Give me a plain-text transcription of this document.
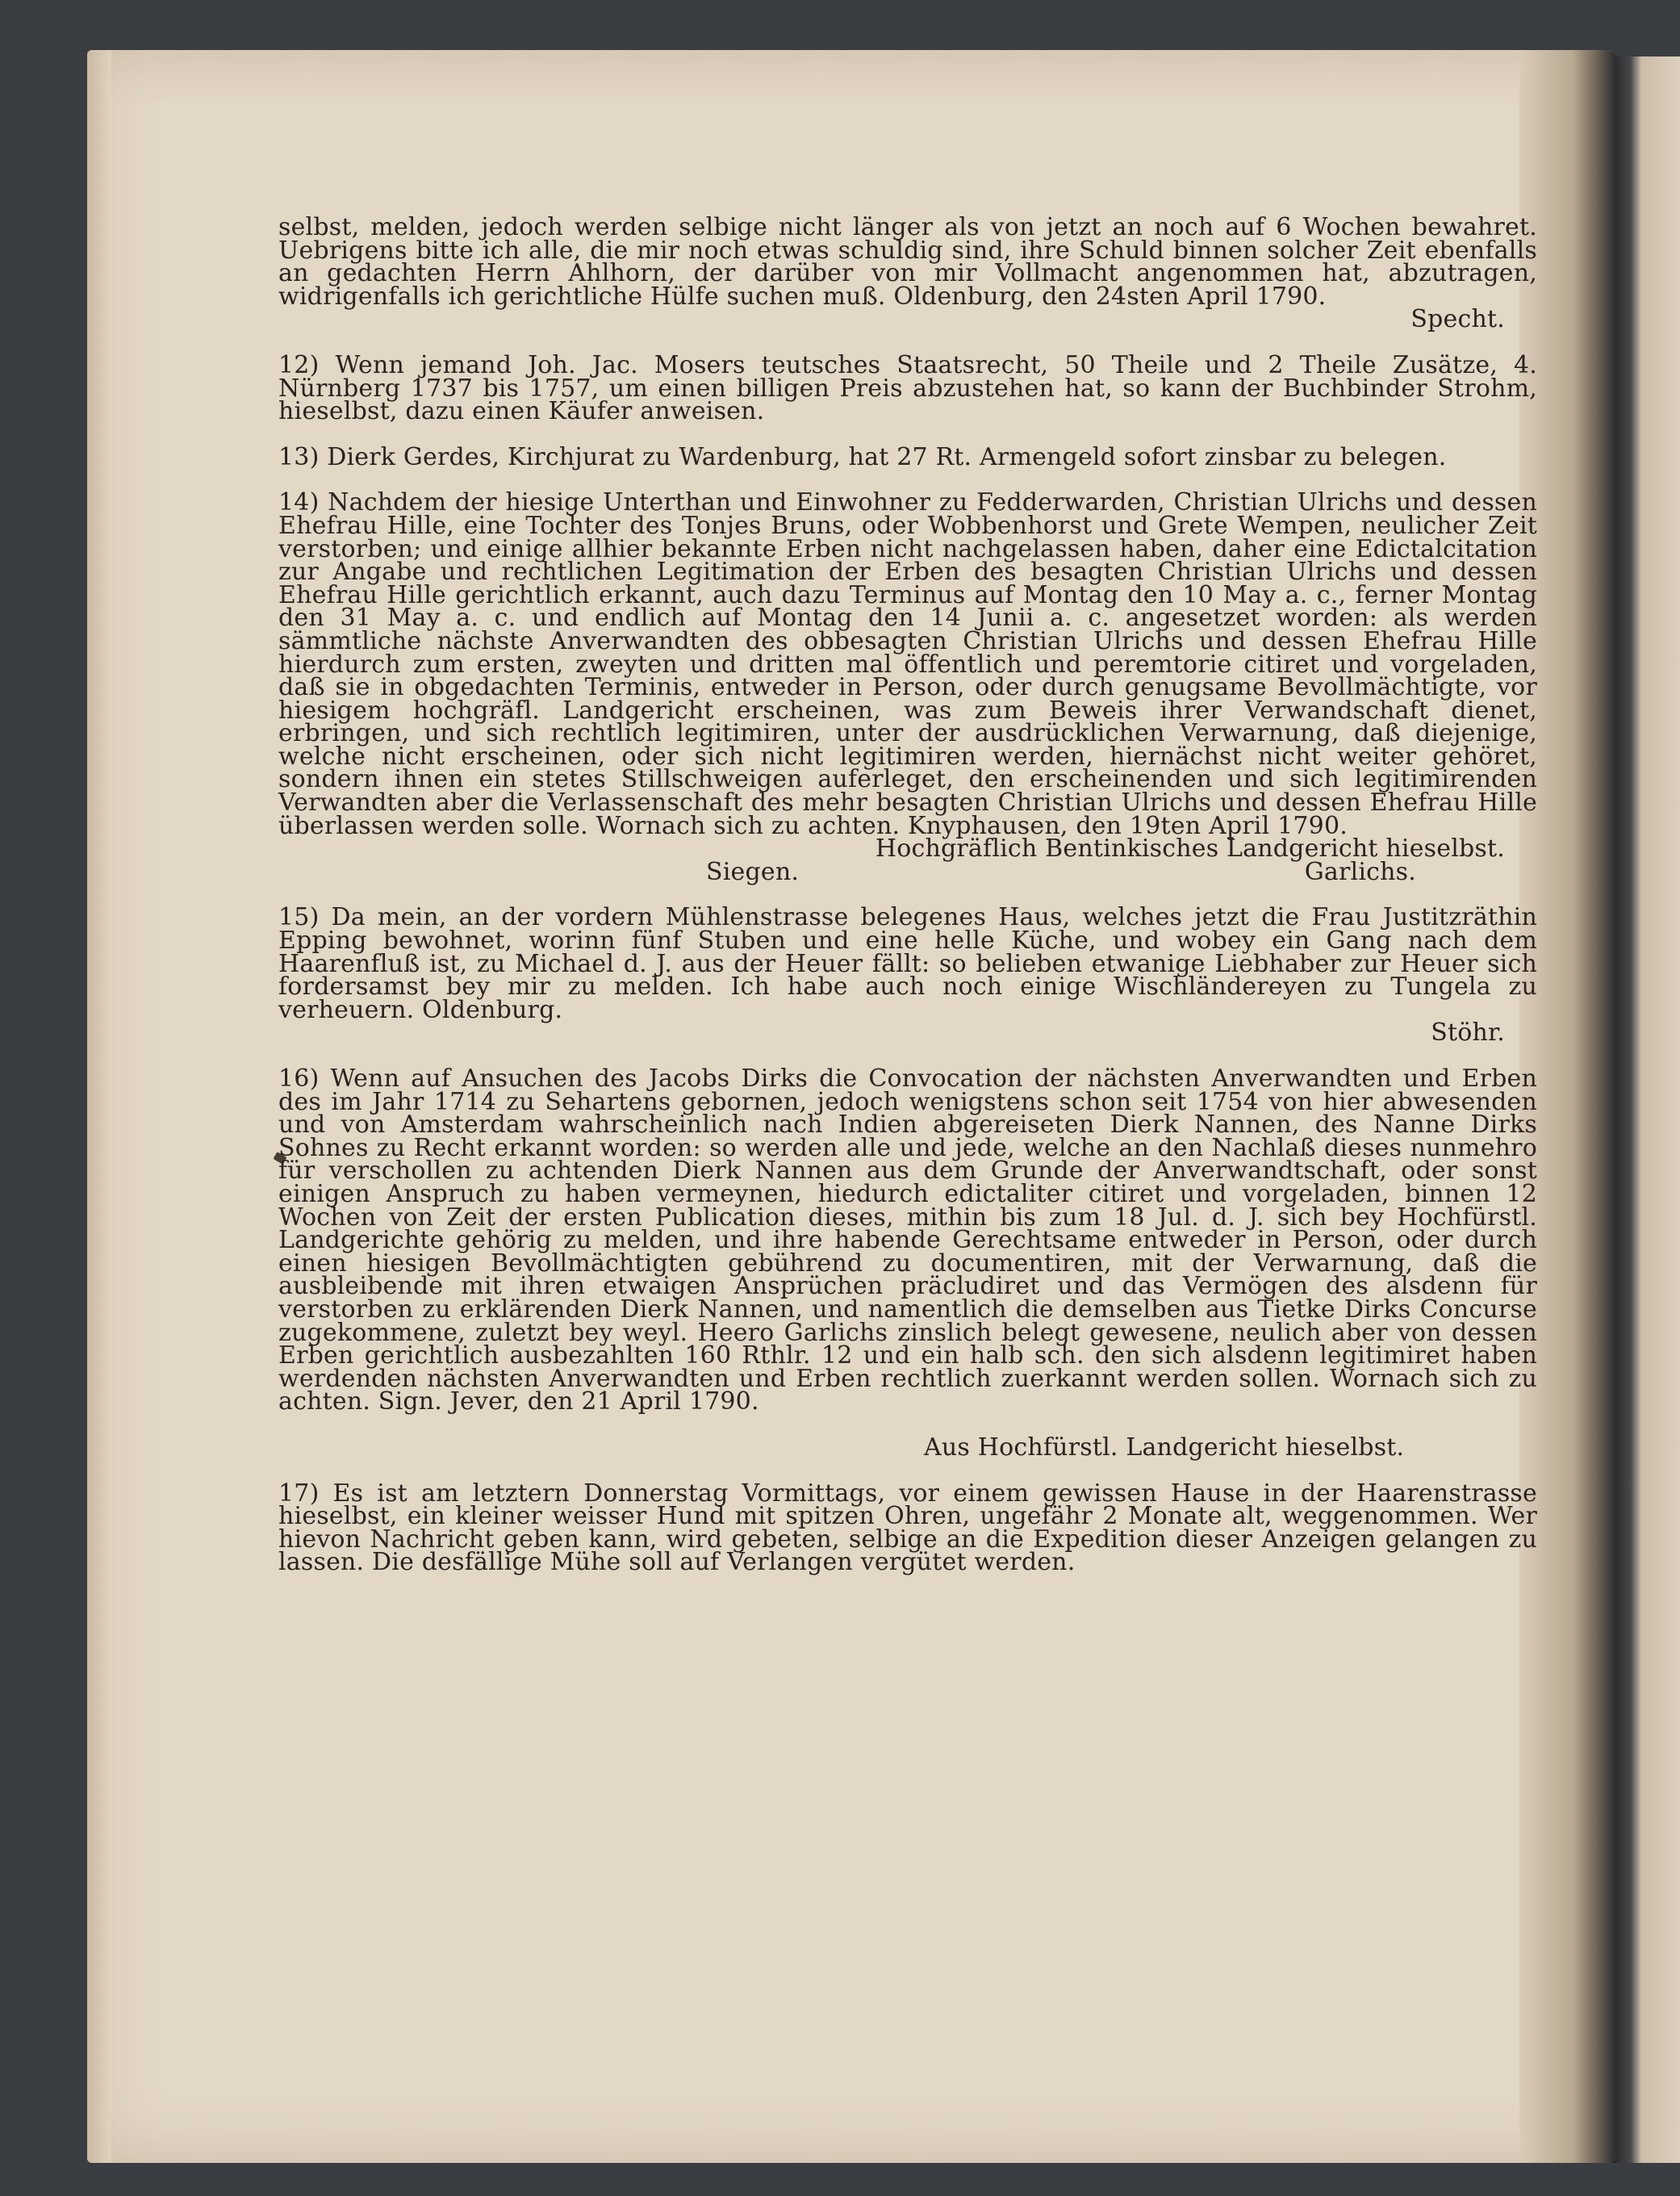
selbst, melden, jedoch werden selbige nicht länger als von jetzt an noch auf 6 Wochen bewahret. Uebrigens bitte ich alle, die mir noch etwas schuldig sind, ihre Schuld binnen solcher Zeit ebenfalls an gedachten Herrn Ahlhorn, der darüber von mir Vollmacht angenommen hat, abzutragen, widrigenfalls ich gerichtliche Hülfe suchen muß. Oldenburg, den 24sten April 1790.

Specht.

12) Wenn jemand Joh. Jac. Mosers teutsches Staatsrecht, 50 Theile und 2 Theile Zusätze, 4. Nürnberg 1737 bis 1757, um einen billigen Preis abzustehen hat, so kann der Buchbinder Strohm, hieselbst, dazu einen Käufer anweisen.

13) Dierk Gerdes, Kirchjurat zu Wardenburg, hat 27 Rt. Armengeld sofort zinsbar zu belegen.

14) Nachdem der hiesige Unterthan und Einwohner zu Fedderwarden, Christian Ulrichs und dessen Ehefrau Hille, eine Tochter des Tonjes Bruns, oder Wobbenhorst und Grete Wempen, neulicher Zeit verstorben; und einige allhier bekannte Erben nicht nachgelassen haben, daher eine Edictalcitation zur Angabe und rechtlichen Legitimation der Erben des besagten Christian Ulrichs und dessen Ehefrau Hille gerichtlich erkannt, auch dazu Terminus auf Montag den 10 May a. c., ferner Montag den 31 May a. c. und endlich auf Montag den 14 Junii a. c. angesetzet worden: als werden sämmtliche nächste Anverwandten des obbesagten Christian Ulrichs und dessen Ehefrau Hille hierdurch zum ersten, zweyten und dritten mal öffentlich und peremtorie citiret und vorgeladen, daß sie in obgedachten Terminis, entweder in Person, oder durch genugsame Bevollmächtigte, vor hiesigem hochgräfl. Landgericht erscheinen, was zum Beweis ihrer Verwandschaft dienet, erbringen, und sich rechtlich legitimiren, unter der ausdrücklichen Verwarnung, daß diejenige, welche nicht erscheinen, oder sich nicht legitimiren werden, hiernächst nicht weiter gehöret, sondern ihnen ein stetes Stillschweigen auferleget, den erscheinenden und sich legitimirenden Verwandten aber die Verlassenschaft des mehr besagten Christian Ulrichs und dessen Ehefrau Hille überlassen werden solle. Wornach sich zu achten. Knyphausen, den 19ten April 1790.

Hochgräflich Bentinkisches Landgericht hieselbst.
Siegen.	Garlichs.

15) Da mein, an der vordern Mühlenstrasse belegenes Haus, welches jetzt die Frau Justitzräthin Epping bewohnet, worinn fünf Stuben und eine helle Küche, und wobey ein Gang nach dem Haarenfluß ist, zu Michael d. J. aus der Heuer fällt: so belieben etwanige Liebhaber zur Heuer sich fordersamst bey mir zu melden. Ich habe auch noch einige Wischländereyen zu Tungela zu verheuern. Oldenburg.

Stöhr.

16) Wenn auf Ansuchen des Jacobs Dirks die Convocation der nächsten Anverwandten und Erben des im Jahr 1714 zu Sehartens gebornen, jedoch wenigstens schon seit 1754 von hier abwesenden und von Amsterdam wahrscheinlich nach Indien abgereiseten Dierk Nannen, des Nanne Dirks Sohnes zu Recht erkannt worden: so werden alle und jede, welche an den Nachlaß dieses nunmehro für verschollen zu achtenden Dierk Nannen aus dem Grunde der Anverwandtschaft, oder sonst einigen Anspruch zu haben vermeynen, hiedurch edictaliter citiret und vorgeladen, binnen 12 Wochen von Zeit der ersten Publication dieses, mithin bis zum 18 Jul. d. J. sich bey Hochfürstl. Landgerichte gehörig zu melden, und ihre habende Gerechtsame entweder in Person, oder durch einen hiesigen Bevollmächtigten gebührend zu documentiren, mit der Verwarnung, daß die ausbleibende mit ihren etwaigen Ansprüchen präcludiret und das Vermögen des alsdenn für verstorben zu erklärenden Dierk Nannen, und namentlich die demselben aus Tietke Dirks Concurse zugekommene, zuletzt bey weyl. Heero Garlichs zinslich belegt gewesene, neulich aber von dessen Erben gerichtlich ausbezahlten 160 Rthlr. 12 und ein halb sch. den sich alsdenn legitimiret haben werdenden nächsten Anverwandten und Erben rechtlich zuerkannt werden sollen. Wornach sich zu achten. Sign. Jever, den 21 April 1790.

Aus Hochfürstl. Landgericht hieselbst.

17) Es ist am letztern Donnerstag Vormittags, vor einem gewissen Hause in der Haarenstrasse hieselbst, ein kleiner weisser Hund mit spitzen Ohren, ungefähr 2 Monate alt, weggenommen. Wer hievon Nachricht geben kann, wird gebeten, selbige an die Expedition dieser Anzeigen gelangen zu lassen. Die desfällige Mühe soll auf Verlangen vergütet werden.
